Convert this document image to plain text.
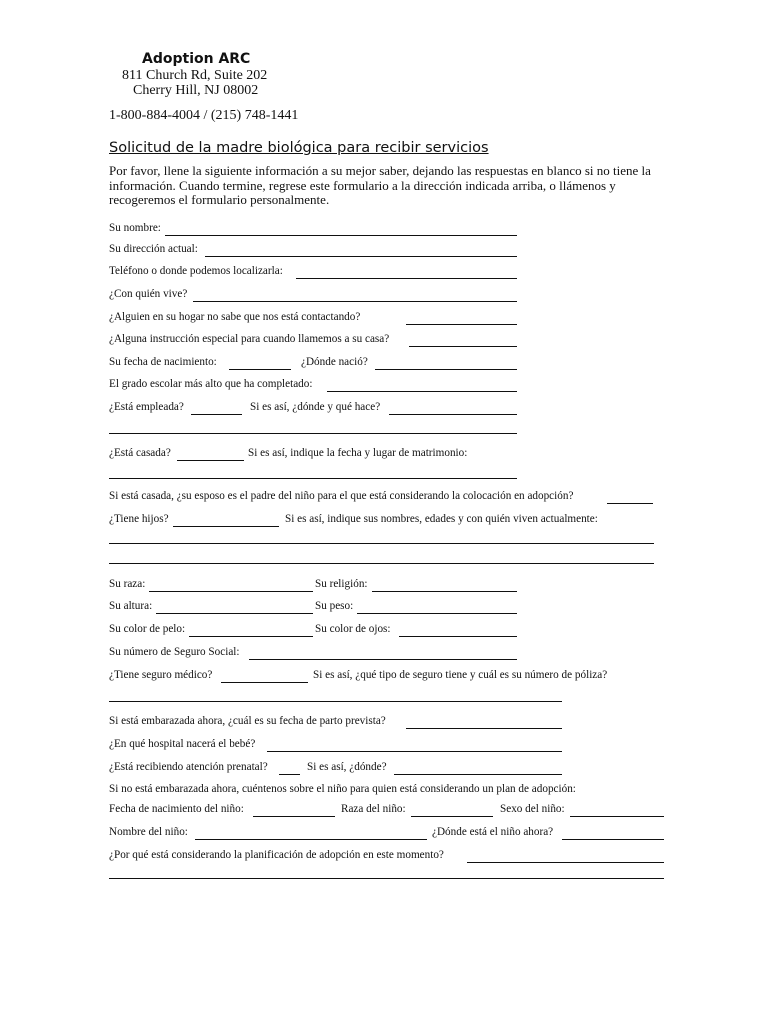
Adoption ARC
811 Church Rd, Suite 202
Cherry Hill, NJ 08002
1-800-884-4004 / (215) 748-1441
Solicitud de la madre biológica para recibir servicios
Por favor, llene la siguiente información a su mejor saber, dejando las respuestas en blanco si no tiene la información. Cuando termine, regrese este formulario a la dirección indicada arriba, o llámenos y recogeremos el formulario personalmente.
Su nombre:
Su dirección actual:
Teléfono o donde podemos localizarla:
¿Con quién vive?
¿Alguien en su hogar no sabe que nos está contactando?
¿Alguna instrucción especial para cuando llamemos a su casa?
Su fecha de nacimiento:	¿Dónde nació?
El grado escolar más alto que ha completado:
¿Está empleada?	Si es así, ¿dónde y qué hace?
¿Está casada?	Si es así, indique la fecha y lugar de matrimonio:
Si está casada, ¿su esposo es el padre del niño para el que está considerando la colocación en adopción?
¿Tiene hijos?	Si es así, indique sus nombres, edades y con quién viven actualmente:
Su raza:	Su religión:
Su altura:	Su peso:
Su color de pelo:	Su color de ojos:
Su número de Seguro Social:
¿Tiene seguro médico?	Si es así, ¿qué tipo de seguro tiene y cuál es su número de póliza?
Si está embarazada ahora, ¿cuál es su fecha de parto prevista?
¿En qué hospital nacerá el bebé?
¿Está recibiendo atención prenatal?	Si es así, ¿dónde?
Si no está embarazada ahora, cuéntenos sobre el niño para quien está considerando un plan de adopción:
Fecha de nacimiento del niño:	Raza del niño:	Sexo del niño:
Nombre del niño:	¿Dónde está el niño ahora?
¿Por qué está considerando la planificación de adopción en este momento?
